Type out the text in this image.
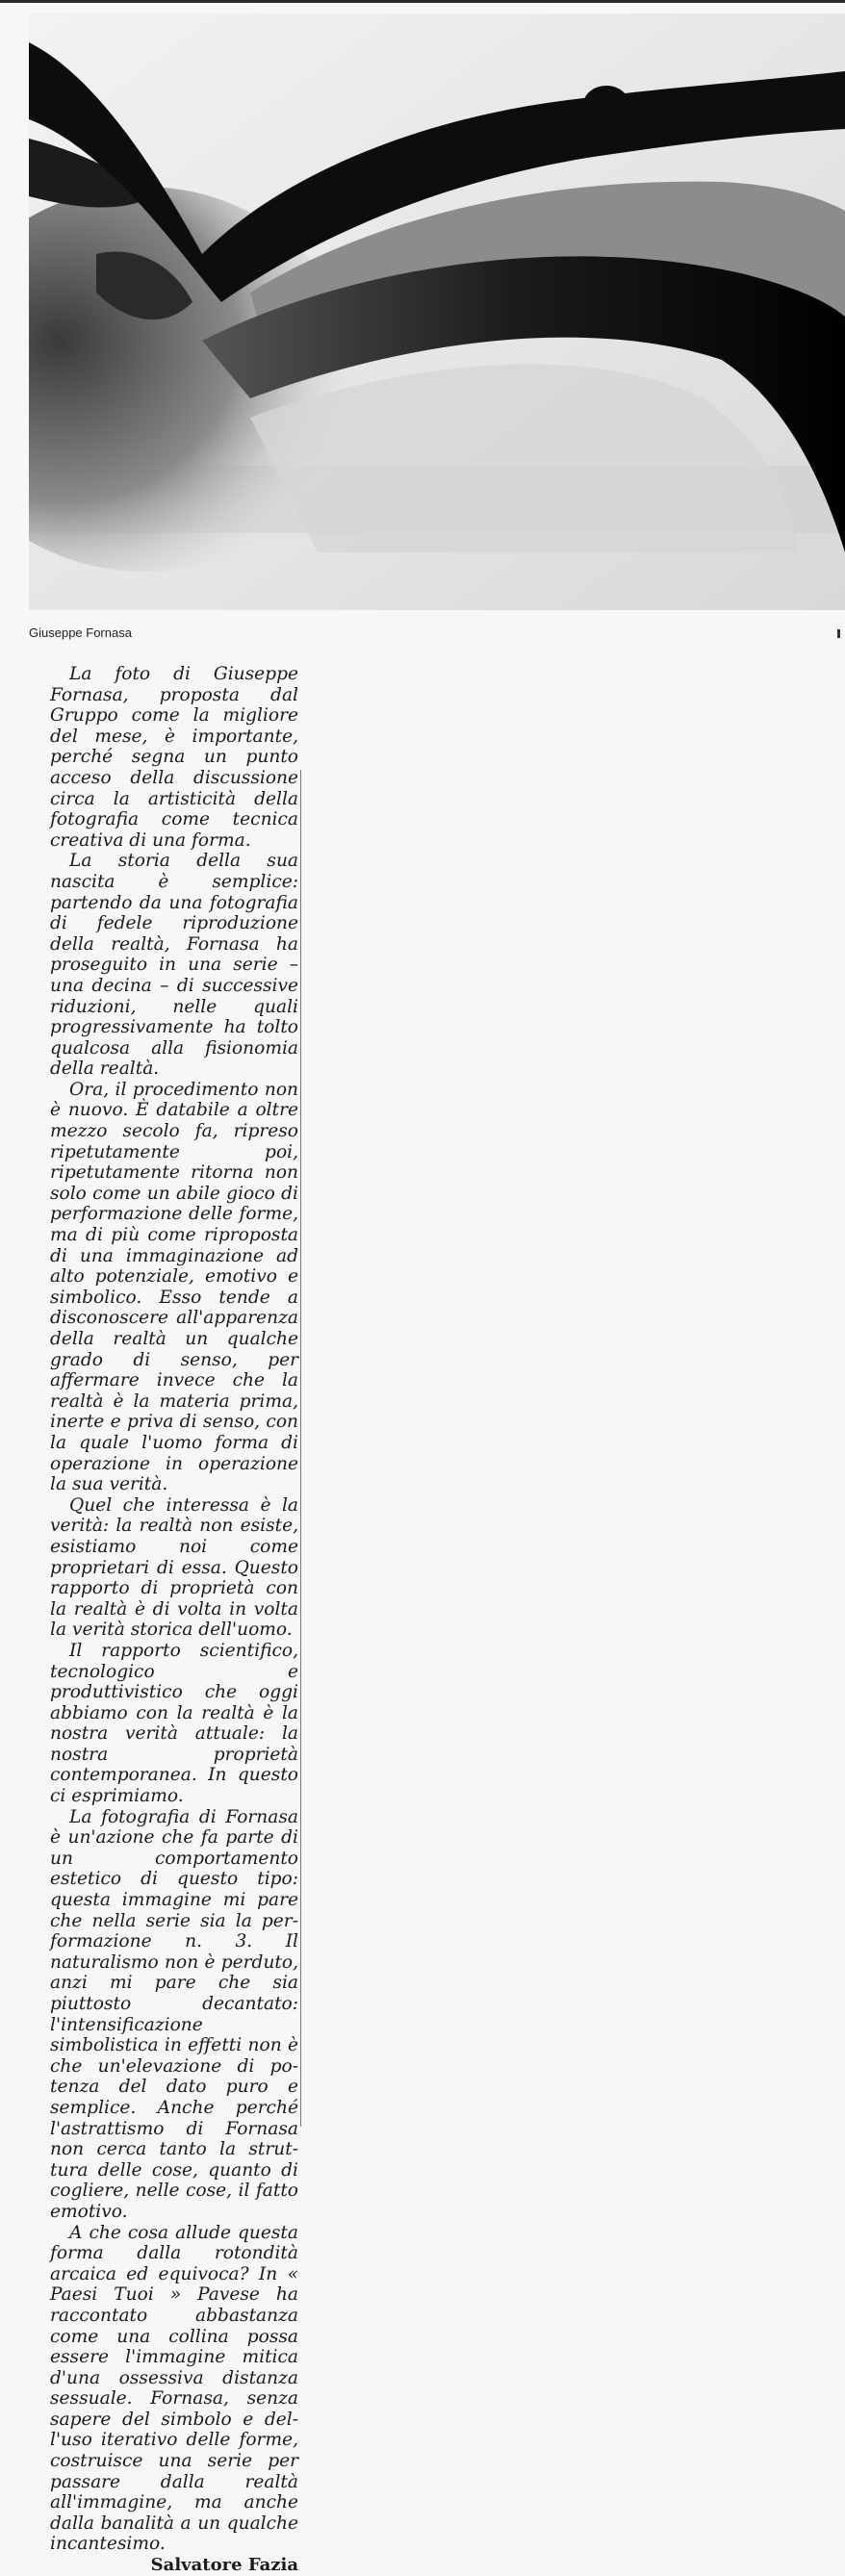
Giuseppe Fornasa

La foto di Giuseppe Fornasa, proposta dal Gruppo come la migliore del mese, è importante, perché segna un punto acceso della discussione circa la artisticità della fotografia come tecnica creativa di una forma.

La storia della sua nascita è semplice: partendo da una fotografia di fedele riproduzione della realtà, Fornasa ha proseguito in una serie – una decina – di successive riduzioni, nelle quali progressivamente ha tolto qualcosa alla fisionomia della realtà.

Ora, il procedimento non è nuovo. È databile a oltre mezzo secolo fa, ripreso ripetutamente poi, ripetutamente ritorna non solo come un abile gioco di performazione delle forme, ma di più come riproposta di una immaginazione ad alto potenziale, emotivo e simbolico. Esso tende a disconoscere all'apparenza della realtà un qualche grado di senso, per affermare invece che la realtà è la materia prima, inerte e priva di senso, con la quale l'uomo forma di operazione in operazione la sua verità.

Quel che interessa è la verità: la realtà non esiste, esistiamo noi come proprietari di essa. Questo rapporto di proprietà con la realtà è di volta in volta la verità storica dell'uomo.

Il rapporto scientifico, tecnologico e produttivistico che oggi abbiamo con la realtà è la nostra verità attuale: la nostra proprietà contemporanea. In questo ci esprimiamo.

La fotografia di Fornasa è un'azione che fa parte di un comportamento estetico di questo tipo: questa immagine mi pare che nella serie sia la performazione n. 3. Il naturalismo non è perduto, anzi mi pare che sia piuttosto decantato: l'intensificazione simbolistica in effetti non è che un'elevazione di potenza del dato puro e semplice. Anche perché l'astrattismo di Fornasa non cerca tanto la struttura delle cose, quanto di cogliere, nelle cose, il fatto emotivo.

A che cosa allude questa forma dalla rotondità arcaica ed equivoca? In « Paesi Tuoi » Pavese ha raccontato abbastanza come una collina possa essere l'immagine mitica d'una ossessiva distanza sessuale. Fornasa, senza sapere del simbolo e dell'uso iterativo delle forme, costruisce una serie per passare dalla realtà all'immagine, ma anche dalla banalità a un qualche incantesimo.

Salvatore Fazia
